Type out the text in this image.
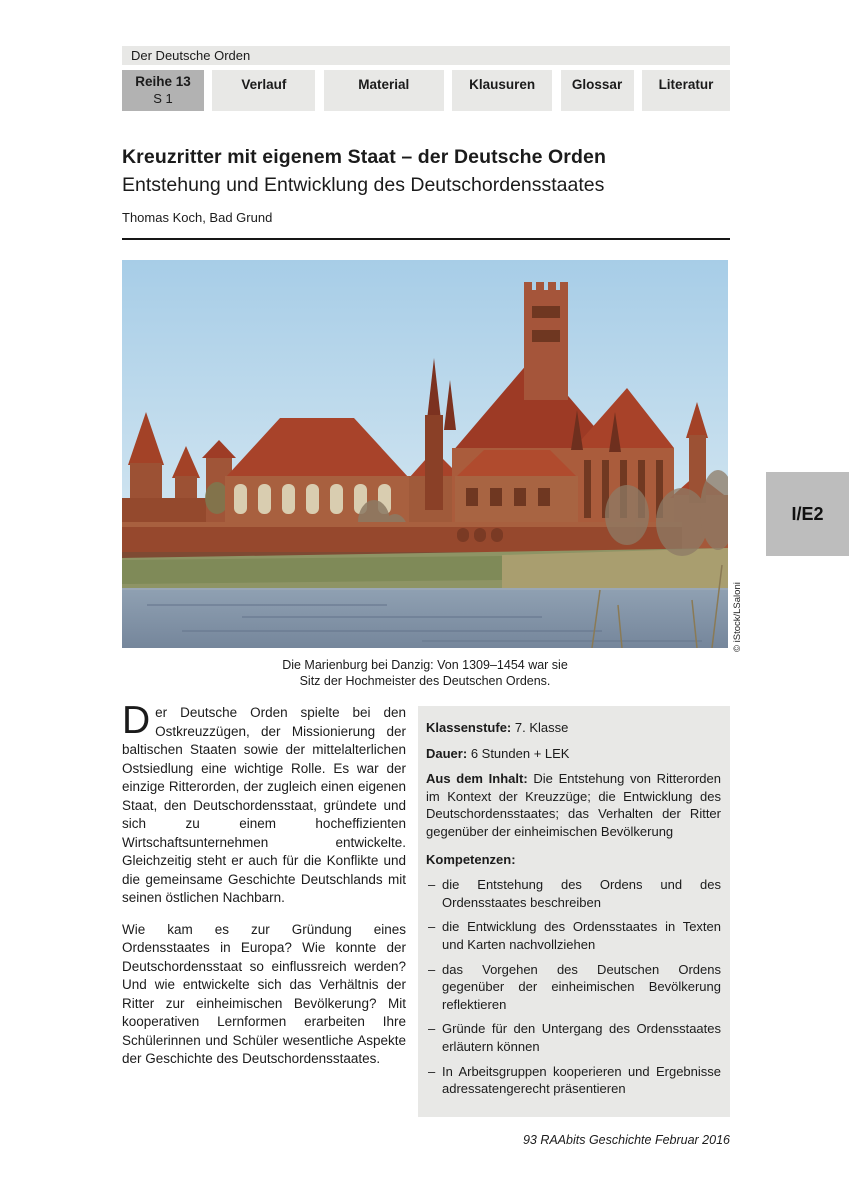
Der Deutsche Orden
Reihe 13
S 1
Verlauf	Material	Klausuren	Glossar	Literatur
Kreuzritter mit eigenem Staat – der Deutsche Orden
Entstehung und Entwicklung des Deutschordensstaates
Thomas Koch, Bad Grund
© iStock/LSaloni
I/E2
Die Marienburg bei Danzig: Von 1309–1454 war sie
Sitz der Hochmeister des Deutschen Ordens.

Der Deutsche Orden spielte bei den Ostkreuzzügen, der Missionierung der baltischen Staaten sowie der mittelalterlichen Ostsiedlung eine wichtige Rolle. Es war der einzige Ritterorden, der zugleich einen eigenen Staat, den Deutschordensstaat, gründete und sich zu einem hocheffizienten Wirtschaftsunternehmen entwickelte. Gleichzeitig steht er auch für die Konflikte und die gemeinsame Geschichte Deutschlands mit seinen östlichen Nachbarn.

Wie kam es zur Gründung eines Ordensstaates in Europa? Wie konnte der Deutschordensstaat so einflussreich werden? Und wie entwickelte sich das Verhältnis der Ritter zur einheimischen Bevölkerung? Mit kooperativen Lernformen erarbeiten Ihre Schülerinnen und Schüler wesentliche Aspekte der Geschichte des Deutschordensstaates.

Klassenstufe: 7. Klasse

Dauer: 6 Stunden + LEK

Aus dem Inhalt: Die Entstehung von Ritterorden im Kontext der Kreuzzüge; die Entwicklung des Deutschordensstaates; das Verhalten der Ritter gegenüber der einheimischen Bevölkerung

Kompetenzen:

– die Entstehung des Ordens und des Ordensstaates beschreiben
– die Entwicklung des Ordensstaates in Texten und Karten nachvollziehen
– das Vorgehen des Deutschen Ordens gegenüber der einheimischen Bevölkerung reflektieren
– Gründe für den Untergang des Ordensstaates erläutern können
– In Arbeitsgruppen kooperieren und Ergebnisse adressatengerecht präsentieren
93 RAAbits Geschichte Februar 2016
